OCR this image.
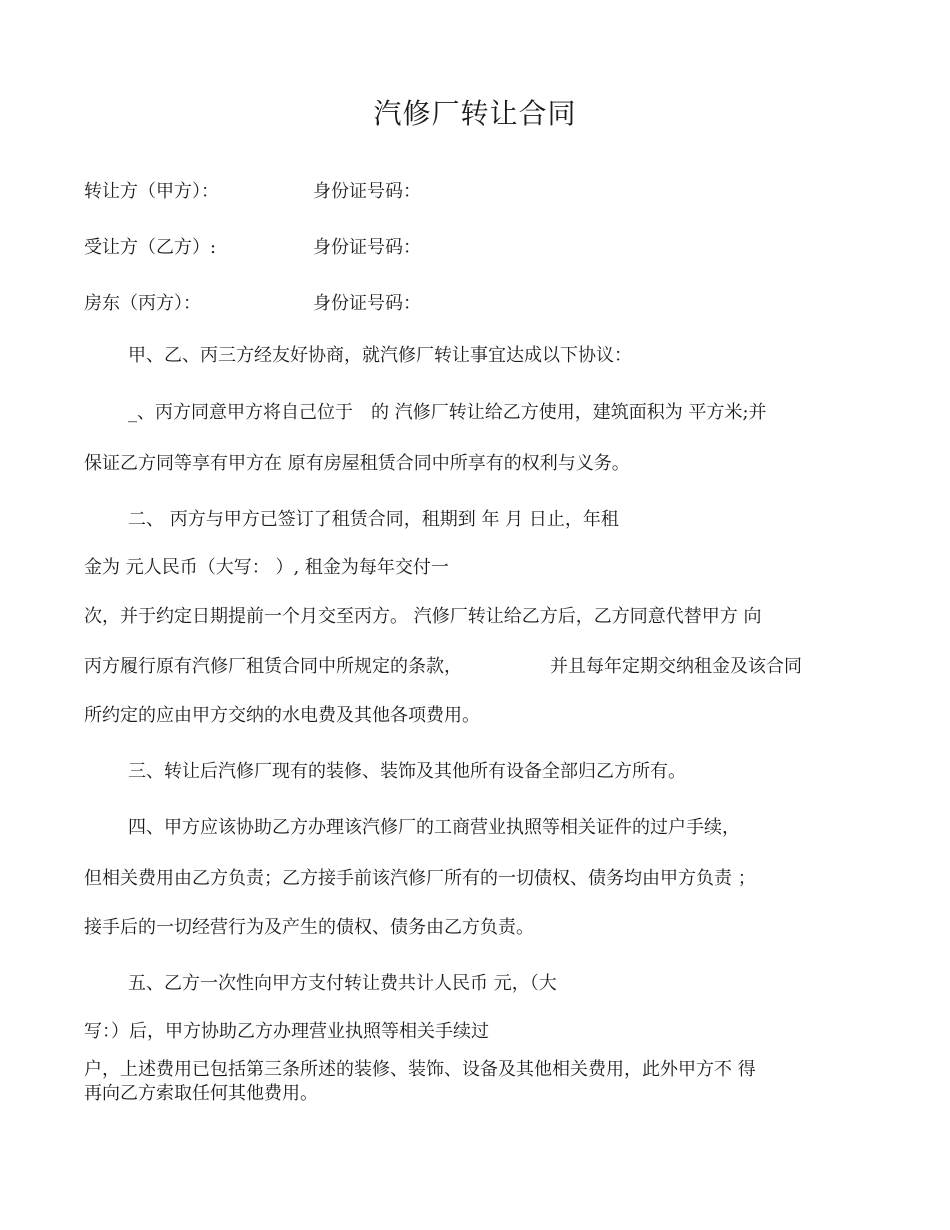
汽修厂转让合同
转让方（甲方）：	身份证号码：
受让方（乙方）:	身份证号码：
房东（丙方）：	身份证号码：
甲、乙、丙三方经友好协商，就汽修厂转让事宜达成以下协议：
_、丙方同意甲方将自己位于　的 汽修厂转让给乙方使用，建筑面积为 平方米;并
保证乙方同等享有甲方在 原有房屋租赁合同中所享有的权利与义务。
二、 丙方与甲方已签订了租赁合同，租期到 年 月 日止，年租
金为 元人民币（大写： ）, 租金为每年交付一
次，并于约定日期提前一个月交至丙方。 汽修厂转让给乙方后，乙方同意代替甲方 向
丙方履行原有汽修厂租赁合同中所规定的条款，	并且每年定期交纳租金及该合同
所约定的应由甲方交纳的水电费及其他各项费用。
三、转让后汽修厂现有的装修、装饰及其他所有设备全部归乙方所有。
四、甲方应该协助乙方办理该汽修厂的工商营业执照等相关证件的过户手续，
但相关费用由乙方负责；乙方接手前该汽修厂所有的一切债权、债务均由甲方负责 ；
接手后的一切经营行为及产生的债权、债务由乙方负责。
五、乙方一次性向甲方支付转让费共计人民币 元，（大
写：）后，甲方协助乙方办理营业执照等相关手续过
户，上述费用已包括第三条所述的装修、装饰、设备及其他相关费用，此外甲方不 得
再向乙方索取任何其他费用。
